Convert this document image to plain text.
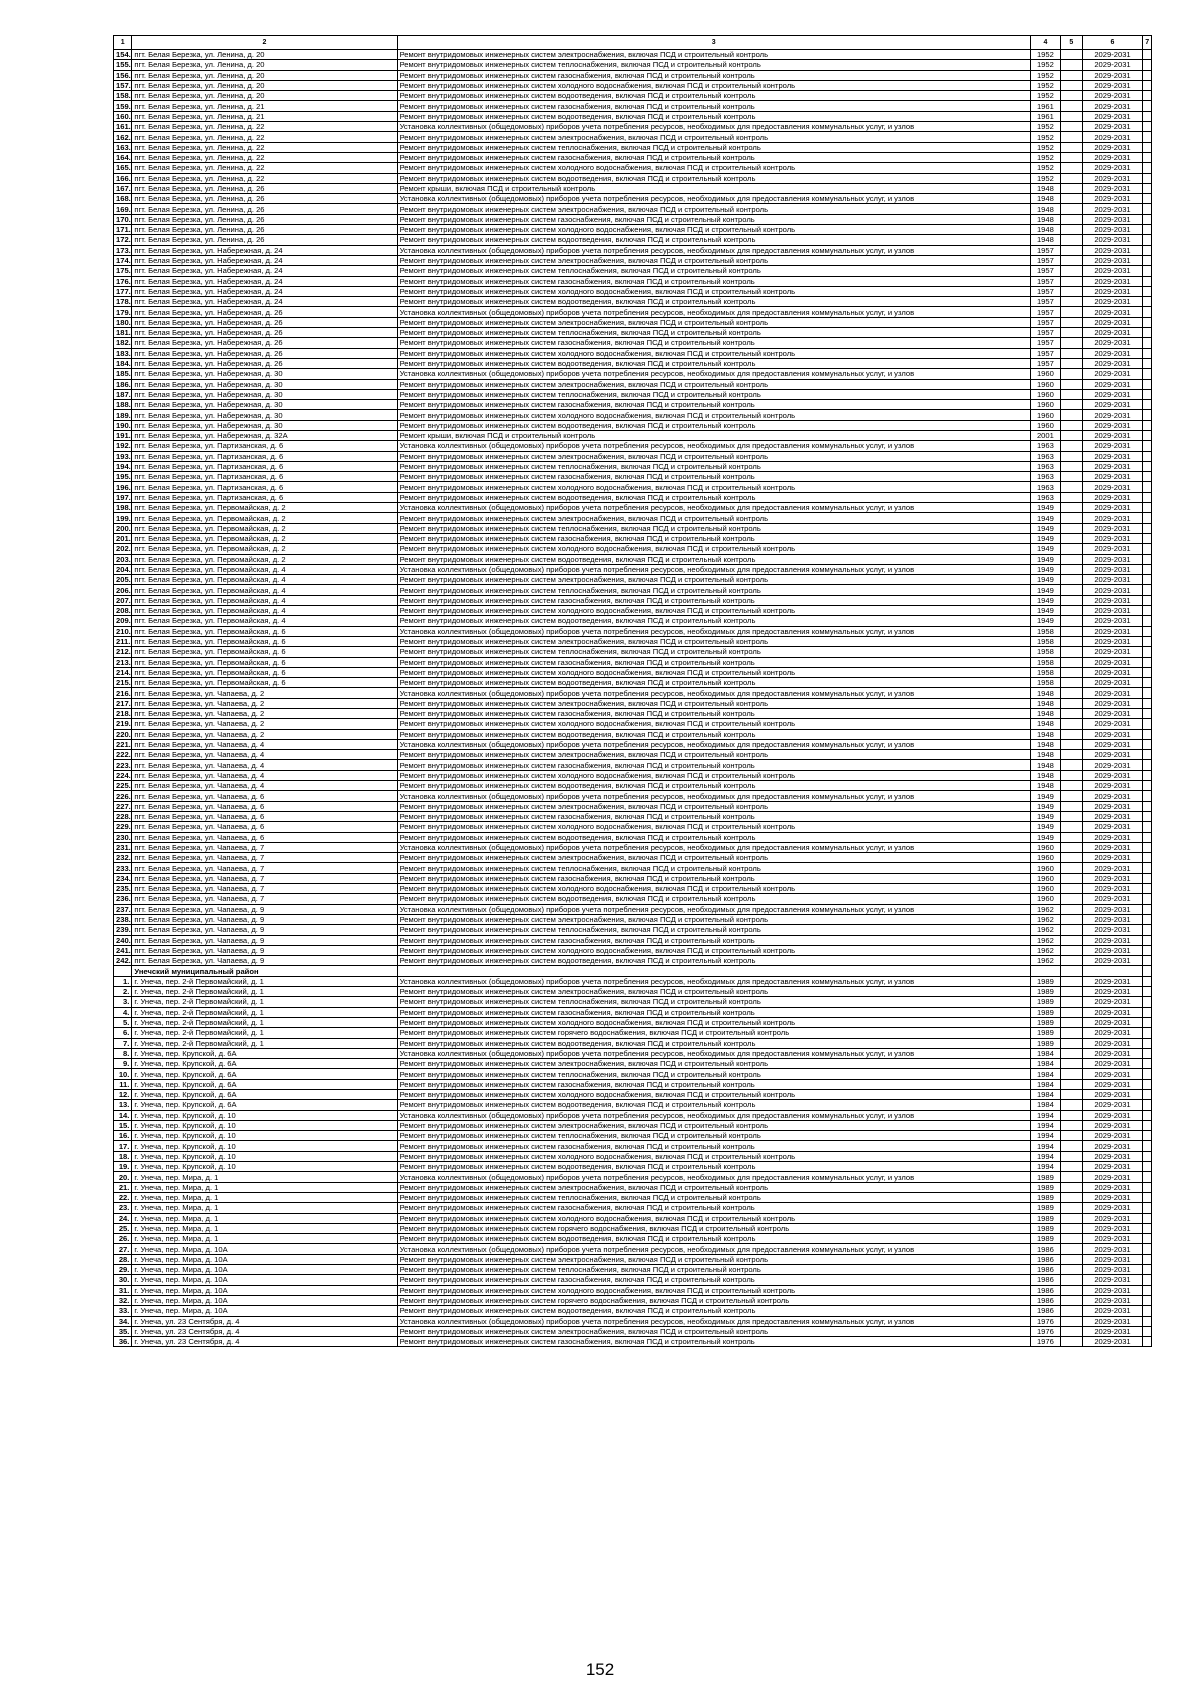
1	2	3	4	5	6	7
154.	пгт. Белая Березка, ул. Ленина, д. 20	Ремонт внутридомовых инженерных систем электроснабжения, включая ПСД и строительный контроль	1952		2029-2031	
155.	пгт. Белая Березка, ул. Ленина, д. 20	Ремонт внутридомовых инженерных систем теплоснабжения, включая ПСД и строительный контроль	1952		2029-2031	
156.	пгт. Белая Березка, ул. Ленина, д. 20	Ремонт внутридомовых инженерных систем газоснабжения, включая ПСД и строительный контроль	1952		2029-2031	
157.	пгт. Белая Березка, ул. Ленина, д. 20	Ремонт внутридомовых инженерных систем холодного водоснабжения, включая ПСД и строительный контроль	1952		2029-2031	
158.	пгт. Белая Березка, ул. Ленина, д. 20	Ремонт внутридомовых инженерных систем водоотведения, включая ПСД и строительный контроль	1952		2029-2031	
159.	пгт. Белая Березка, ул. Ленина, д. 21	Ремонт внутридомовых инженерных систем газоснабжения, включая ПСД и строительный контроль	1961		2029-2031	
160.	пгт. Белая Березка, ул. Ленина, д. 21	Ремонт внутридомовых инженерных систем водоотведения, включая ПСД и строительный контроль	1961		2029-2031	
161.	пгт. Белая Березка, ул. Ленина, д. 22	Установка коллективных (общедомовых) приборов учета потребления ресурсов, необходимых для предоставления коммунальных услуг, и узлов	1952		2029-2031	
162.	пгт. Белая Березка, ул. Ленина, д. 22	Ремонт внутридомовых инженерных систем электроснабжения, включая ПСД и строительный контроль	1952		2029-2031	
163.	пгт. Белая Березка, ул. Ленина, д. 22	Ремонт внутридомовых инженерных систем теплоснабжения, включая ПСД и строительный контроль	1952		2029-2031	
164.	пгт. Белая Березка, ул. Ленина, д. 22	Ремонт внутридомовых инженерных систем газоснабжения, включая ПСД и строительный контроль	1952		2029-2031	
165.	пгт. Белая Березка, ул. Ленина, д. 22	Ремонт внутридомовых инженерных систем холодного водоснабжения, включая ПСД и строительный контроль	1952		2029-2031	
166.	пгт. Белая Березка, ул. Ленина, д. 22	Ремонт внутридомовых инженерных систем водоотведения, включая ПСД и строительный контроль	1952		2029-2031	
167.	пгт. Белая Березка, ул. Ленина, д. 26	Ремонт крыши, включая ПСД и строительный контроль	1948		2029-2031	
168.	пгт. Белая Березка, ул. Ленина, д. 26	Установка коллективных (общедомовых) приборов учета потребления ресурсов, необходимых для предоставления коммунальных услуг, и узлов	1948		2029-2031	
169.	пгт. Белая Березка, ул. Ленина, д. 26	Ремонт внутридомовых инженерных систем электроснабжения, включая ПСД и строительный контроль	1948		2029-2031	
170.	пгт. Белая Березка, ул. Ленина, д. 26	Ремонт внутридомовых инженерных систем газоснабжения, включая ПСД и строительный контроль	1948		2029-2031	
171.	пгт. Белая Березка, ул. Ленина, д. 26	Ремонт внутридомовых инженерных систем холодного водоснабжения, включая ПСД и строительный контроль	1948		2029-2031	
172.	пгт. Белая Березка, ул. Ленина, д. 26	Ремонт внутридомовых инженерных систем водоотведения, включая ПСД и строительный контроль	1948		2029-2031	
173.	пгт. Белая Березка, ул. Набережная, д. 24	Установка коллективных (общедомовых) приборов учета потребления ресурсов, необходимых для предоставления коммунальных услуг, и узлов	1957		2029-2031	
174.	пгт. Белая Березка, ул. Набережная, д. 24	Ремонт внутридомовых инженерных систем электроснабжения, включая ПСД и строительный контроль	1957		2029-2031	
175.	пгт. Белая Березка, ул. Набережная, д. 24	Ремонт внутридомовых инженерных систем теплоснабжения, включая ПСД и строительный контроль	1957		2029-2031	
176.	пгт. Белая Березка, ул. Набережная, д. 24	Ремонт внутридомовых инженерных систем газоснабжения, включая ПСД и строительный контроль	1957		2029-2031	
177.	пгт. Белая Березка, ул. Набережная, д. 24	Ремонт внутридомовых инженерных систем холодного водоснабжения, включая ПСД и строительный контроль	1957		2029-2031	
178.	пгт. Белая Березка, ул. Набережная, д. 24	Ремонт внутридомовых инженерных систем водоотведения, включая ПСД и строительный контроль	1957		2029-2031	
179.	пгт. Белая Березка, ул. Набережная, д. 26	Установка коллективных (общедомовых) приборов учета потребления ресурсов, необходимых для предоставления коммунальных услуг, и узлов	1957		2029-2031	
180.	пгт. Белая Березка, ул. Набережная, д. 26	Ремонт внутридомовых инженерных систем электроснабжения, включая ПСД и строительный контроль	1957		2029-2031	
181.	пгт. Белая Березка, ул. Набережная, д. 26	Ремонт внутридомовых инженерных систем теплоснабжения, включая ПСД и строительный контроль	1957		2029-2031	
182.	пгт. Белая Березка, ул. Набережная, д. 26	Ремонт внутридомовых инженерных систем газоснабжения, включая ПСД и строительный контроль	1957		2029-2031	
183.	пгт. Белая Березка, ул. Набережная, д. 26	Ремонт внутридомовых инженерных систем холодного водоснабжения, включая ПСД и строительный контроль	1957		2029-2031	
184.	пгт. Белая Березка, ул. Набережная, д. 26	Ремонт внутридомовых инженерных систем водоотведения, включая ПСД и строительный контроль	1957		2029-2031	
185.	пгт. Белая Березка, ул. Набережная, д. 30	Установка коллективных (общедомовых) приборов учета потребления ресурсов, необходимых для предоставления коммунальных услуг, и узлов	1960		2029-2031	
186.	пгт. Белая Березка, ул. Набережная, д. 30	Ремонт внутридомовых инженерных систем электроснабжения, включая ПСД и строительный контроль	1960		2029-2031	
187.	пгт. Белая Березка, ул. Набережная, д. 30	Ремонт внутридомовых инженерных систем теплоснабжения, включая ПСД и строительный контроль	1960		2029-2031	
188.	пгт. Белая Березка, ул. Набережная, д. 30	Ремонт внутридомовых инженерных систем газоснабжения, включая ПСД и строительный контроль	1960		2029-2031	
189.	пгт. Белая Березка, ул. Набережная, д. 30	Ремонт внутридомовых инженерных систем холодного водоснабжения, включая ПСД и строительный контроль	1960		2029-2031	
190.	пгт. Белая Березка, ул. Набережная, д. 30	Ремонт внутридомовых инженерных систем водоотведения, включая ПСД и строительный контроль	1960		2029-2031	
191.	пгт. Белая Березка, ул. Набережная, д. 32А	Ремонт крыши, включая ПСД и строительный контроль	2001		2029-2031	
192.	пгт. Белая Березка, ул. Партизанская, д. 6	Установка коллективных (общедомовых) приборов учета потребления ресурсов, необходимых для предоставления коммунальных услуг, и узлов	1963		2029-2031	
193.	пгт. Белая Березка, ул. Партизанская, д. 6	Ремонт внутридомовых инженерных систем электроснабжения, включая ПСД и строительный контроль	1963		2029-2031	
194.	пгт. Белая Березка, ул. Партизанская, д. 6	Ремонт внутридомовых инженерных систем теплоснабжения, включая ПСД и строительный контроль	1963		2029-2031	
195.	пгт. Белая Березка, ул. Партизанская, д. 6	Ремонт внутридомовых инженерных систем газоснабжения, включая ПСД и строительный контроль	1963		2029-2031	
196.	пгт. Белая Березка, ул. Партизанская, д. 6	Ремонт внутридомовых инженерных систем холодного водоснабжения, включая ПСД и строительный контроль	1963		2029-2031	
197.	пгт. Белая Березка, ул. Партизанская, д. 6	Ремонт внутридомовых инженерных систем водоотведения, включая ПСД и строительный контроль	1963		2029-2031	
198.	пгт. Белая Березка, ул. Первомайская, д. 2	Установка коллективных (общедомовых) приборов учета потребления ресурсов, необходимых для предоставления коммунальных услуг, и узлов	1949		2029-2031	
199.	пгт. Белая Березка, ул. Первомайская, д. 2	Ремонт внутридомовых инженерных систем электроснабжения, включая ПСД и строительный контроль	1949		2029-2031	
200.	пгт. Белая Березка, ул. Первомайская, д. 2	Ремонт внутридомовых инженерных систем теплоснабжения, включая ПСД и строительный контроль	1949		2029-2031	
201.	пгт. Белая Березка, ул. Первомайская, д. 2	Ремонт внутридомовых инженерных систем газоснабжения, включая ПСД и строительный контроль	1949		2029-2031	
202.	пгт. Белая Березка, ул. Первомайская, д. 2	Ремонт внутридомовых инженерных систем холодного водоснабжения, включая ПСД и строительный контроль	1949		2029-2031	
203.	пгт. Белая Березка, ул. Первомайская, д. 2	Ремонт внутридомовых инженерных систем водоотведения, включая ПСД и строительный контроль	1949		2029-2031	
204.	пгт. Белая Березка, ул. Первомайская, д. 4	Установка коллективных (общедомовых) приборов учета потребления ресурсов, необходимых для предоставления коммунальных услуг, и узлов	1949		2029-2031	
205.	пгт. Белая Березка, ул. Первомайская, д. 4	Ремонт внутридомовых инженерных систем электроснабжения, включая ПСД и строительный контроль	1949		2029-2031	
206.	пгт. Белая Березка, ул. Первомайская, д. 4	Ремонт внутридомовых инженерных систем теплоснабжения, включая ПСД и строительный контроль	1949		2029-2031	
207.	пгт. Белая Березка, ул. Первомайская, д. 4	Ремонт внутридомовых инженерных систем газоснабжения, включая ПСД и строительный контроль	1949		2029-2031	
208.	пгт. Белая Березка, ул. Первомайская, д. 4	Ремонт внутридомовых инженерных систем холодного водоснабжения, включая ПСД и строительный контроль	1949		2029-2031	
209.	пгт. Белая Березка, ул. Первомайская, д. 4	Ремонт внутридомовых инженерных систем водоотведения, включая ПСД и строительный контроль	1949		2029-2031	
210.	пгт. Белая Березка, ул. Первомайская, д. 6	Установка коллективных (общедомовых) приборов учета потребления ресурсов, необходимых для предоставления коммунальных услуг, и узлов	1958		2029-2031	
211.	пгт. Белая Березка, ул. Первомайская, д. 6	Ремонт внутридомовых инженерных систем электроснабжения, включая ПСД и строительный контроль	1958		2029-2031	
212.	пгт. Белая Березка, ул. Первомайская, д. 6	Ремонт внутридомовых инженерных систем теплоснабжения, включая ПСД и строительный контроль	1958		2029-2031	
213.	пгт. Белая Березка, ул. Первомайская, д. 6	Ремонт внутридомовых инженерных систем газоснабжения, включая ПСД и строительный контроль	1958		2029-2031	
214.	пгт. Белая Березка, ул. Первомайская, д. 6	Ремонт внутридомовых инженерных систем холодного водоснабжения, включая ПСД и строительный контроль	1958		2029-2031	
215.	пгт. Белая Березка, ул. Первомайская, д. 6	Ремонт внутридомовых инженерных систем водоотведения, включая ПСД и строительный контроль	1958		2029-2031	
216.	пгт. Белая Березка, ул. Чапаева, д. 2	Установка коллективных (общедомовых) приборов учета потребления ресурсов, необходимых для предоставления коммунальных услуг, и узлов	1948		2029-2031	
217.	пгт. Белая Березка, ул. Чапаева, д. 2	Ремонт внутридомовых инженерных систем электроснабжения, включая ПСД и строительный контроль	1948		2029-2031	
218.	пгт. Белая Березка, ул. Чапаева, д. 2	Ремонт внутридомовых инженерных систем газоснабжения, включая ПСД и строительный контроль	1948		2029-2031	
219.	пгт. Белая Березка, ул. Чапаева, д. 2	Ремонт внутридомовых инженерных систем холодного водоснабжения, включая ПСД и строительный контроль	1948		2029-2031	
220.	пгт. Белая Березка, ул. Чапаева, д. 2	Ремонт внутридомовых инженерных систем водоотведения, включая ПСД и строительный контроль	1948		2029-2031	
221.	пгт. Белая Березка, ул. Чапаева, д. 4	Установка коллективных (общедомовых) приборов учета потребления ресурсов, необходимых для предоставления коммунальных услуг, и узлов	1948		2029-2031	
222.	пгт. Белая Березка, ул. Чапаева, д. 4	Ремонт внутридомовых инженерных систем электроснабжения, включая ПСД и строительный контроль	1948		2029-2031	
223.	пгт. Белая Березка, ул. Чапаева, д. 4	Ремонт внутридомовых инженерных систем газоснабжения, включая ПСД и строительный контроль	1948		2029-2031	
224.	пгт. Белая Березка, ул. Чапаева, д. 4	Ремонт внутридомовых инженерных систем холодного водоснабжения, включая ПСД и строительный контроль	1948		2029-2031	
225.	пгт. Белая Березка, ул. Чапаева, д. 4	Ремонт внутридомовых инженерных систем водоотведения, включая ПСД и строительный контроль	1948		2029-2031	
226.	пгт. Белая Березка, ул. Чапаева, д. 6	Установка коллективных (общедомовых) приборов учета потребления ресурсов, необходимых для предоставления коммунальных услуг, и узлов	1949		2029-2031	
227.	пгт. Белая Березка, ул. Чапаева, д. 6	Ремонт внутридомовых инженерных систем электроснабжения, включая ПСД и строительный контроль	1949		2029-2031	
228.	пгт. Белая Березка, ул. Чапаева, д. 6	Ремонт внутридомовых инженерных систем газоснабжения, включая ПСД и строительный контроль	1949		2029-2031	
229.	пгт. Белая Березка, ул. Чапаева, д. 6	Ремонт внутридомовых инженерных систем холодного водоснабжения, включая ПСД и строительный контроль	1949		2029-2031	
230.	пгт. Белая Березка, ул. Чапаева, д. 6	Ремонт внутридомовых инженерных систем водоотведения, включая ПСД и строительный контроль	1949		2029-2031	
231.	пгт. Белая Березка, ул. Чапаева, д. 7	Установка коллективных (общедомовых) приборов учета потребления ресурсов, необходимых для предоставления коммунальных услуг, и узлов	1960		2029-2031	
232.	пгт. Белая Березка, ул. Чапаева, д. 7	Ремонт внутридомовых инженерных систем электроснабжения, включая ПСД и строительный контроль	1960		2029-2031	
233.	пгт. Белая Березка, ул. Чапаева, д. 7	Ремонт внутридомовых инженерных систем теплоснабжения, включая ПСД и строительный контроль	1960		2029-2031	
234.	пгт. Белая Березка, ул. Чапаева, д. 7	Ремонт внутридомовых инженерных систем газоснабжения, включая ПСД и строительный контроль	1960		2029-2031	
235.	пгт. Белая Березка, ул. Чапаева, д. 7	Ремонт внутридомовых инженерных систем холодного водоснабжения, включая ПСД и строительный контроль	1960		2029-2031	
236.	пгт. Белая Березка, ул. Чапаева, д. 7	Ремонт внутридомовых инженерных систем водоотведения, включая ПСД и строительный контроль	1960		2029-2031	
237.	пгт. Белая Березка, ул. Чапаева, д. 9	Установка коллективных (общедомовых) приборов учета потребления ресурсов, необходимых для предоставления коммунальных услуг, и узлов	1962		2029-2031	
238.	пгт. Белая Березка, ул. Чапаева, д. 9	Ремонт внутридомовых инженерных систем электроснабжения, включая ПСД и строительный контроль	1962		2029-2031	
239.	пгт. Белая Березка, ул. Чапаева, д. 9	Ремонт внутридомовых инженерных систем теплоснабжения, включая ПСД и строительный контроль	1962		2029-2031	
240.	пгт. Белая Березка, ул. Чапаева, д. 9	Ремонт внутридомовых инженерных систем газоснабжения, включая ПСД и строительный контроль	1962		2029-2031	
241.	пгт. Белая Березка, ул. Чапаева, д. 9	Ремонт внутридомовых инженерных систем холодного водоснабжения, включая ПСД и строительный контроль	1962		2029-2031	
242.	пгт. Белая Березка, ул. Чапаева, д. 9	Ремонт внутридомовых инженерных систем водоотведения, включая ПСД и строительный контроль	1962		2029-2031	
	Унечский муниципальный район					
1.	г. Унеча, пер. 2-й Первомайский, д. 1	Установка коллективных (общедомовых) приборов учета потребления ресурсов, необходимых для предоставления коммунальных услуг, и узлов	1989		2029-2031	
2.	г. Унеча, пер. 2-й Первомайский, д. 1	Ремонт внутридомовых инженерных систем электроснабжения, включая ПСД и строительный контроль	1989		2029-2031	
3.	г. Унеча, пер. 2-й Первомайский, д. 1	Ремонт внутридомовых инженерных систем теплоснабжения, включая ПСД и строительный контроль	1989		2029-2031	
4.	г. Унеча, пер. 2-й Первомайский, д. 1	Ремонт внутридомовых инженерных систем газоснабжения, включая ПСД и строительный контроль	1989		2029-2031	
5.	г. Унеча, пер. 2-й Первомайский, д. 1	Ремонт внутридомовых инженерных систем холодного водоснабжения, включая ПСД и строительный контроль	1989		2029-2031	
6.	г. Унеча, пер. 2-й Первомайский, д. 1	Ремонт внутридомовых инженерных систем горячего водоснабжения, включая ПСД и строительный контроль	1989		2029-2031	
7.	г. Унеча, пер. 2-й Первомайский, д. 1	Ремонт внутридомовых инженерных систем водоотведения, включая ПСД и строительный контроль	1989		2029-2031	
8.	г. Унеча, пер. Крупской, д. 6А	Установка коллективных (общедомовых) приборов учета потребления ресурсов, необходимых для предоставления коммунальных услуг, и узлов	1984		2029-2031	
9.	г. Унеча, пер. Крупской, д. 6А	Ремонт внутридомовых инженерных систем электроснабжения, включая ПСД и строительный контроль	1984		2029-2031	
10.	г. Унеча, пер. Крупской, д. 6А	Ремонт внутридомовых инженерных систем теплоснабжения, включая ПСД и строительный контроль	1984		2029-2031	
11.	г. Унеча, пер. Крупской, д. 6А	Ремонт внутридомовых инженерных систем газоснабжения, включая ПСД и строительный контроль	1984		2029-2031	
12.	г. Унеча, пер. Крупской, д. 6А	Ремонт внутридомовых инженерных систем холодного водоснабжения, включая ПСД и строительный контроль	1984		2029-2031	
13.	г. Унеча, пер. Крупской, д. 6А	Ремонт внутридомовых инженерных систем водоотведения, включая ПСД и строительный контроль	1984		2029-2031	
14.	г. Унеча, пер. Крупской, д. 10	Установка коллективных (общедомовых) приборов учета потребления ресурсов, необходимых для предоставления коммунальных услуг, и узлов	1994		2029-2031	
15.	г. Унеча, пер. Крупской, д. 10	Ремонт внутридомовых инженерных систем электроснабжения, включая ПСД и строительный контроль	1994		2029-2031	
16.	г. Унеча, пер. Крупской, д. 10	Ремонт внутридомовых инженерных систем теплоснабжения, включая ПСД и строительный контроль	1994		2029-2031	
17.	г. Унеча, пер. Крупской, д. 10	Ремонт внутридомовых инженерных систем газоснабжения, включая ПСД и строительный контроль	1994		2029-2031	
18.	г. Унеча, пер. Крупской, д. 10	Ремонт внутридомовых инженерных систем холодного водоснабжения, включая ПСД и строительный контроль	1994		2029-2031	
19.	г. Унеча, пер. Крупской, д. 10	Ремонт внутридомовых инженерных систем водоотведения, включая ПСД и строительный контроль	1994		2029-2031	
20.	г. Унеча, пер. Мира, д. 1	Установка коллективных (общедомовых) приборов учета потребления ресурсов, необходимых для предоставления коммунальных услуг, и узлов	1989		2029-2031	
21.	г. Унеча, пер. Мира, д. 1	Ремонт внутридомовых инженерных систем электроснабжения, включая ПСД и строительный контроль	1989		2029-2031	
22.	г. Унеча, пер. Мира, д. 1	Ремонт внутридомовых инженерных систем теплоснабжения, включая ПСД и строительный контроль	1989		2029-2031	
23.	г. Унеча, пер. Мира, д. 1	Ремонт внутридомовых инженерных систем газоснабжения, включая ПСД и строительный контроль	1989		2029-2031	
24.	г. Унеча, пер. Мира, д. 1	Ремонт внутридомовых инженерных систем холодного водоснабжения, включая ПСД и строительный контроль	1989		2029-2031	
25.	г. Унеча, пер. Мира, д. 1	Ремонт внутридомовых инженерных систем горячего водоснабжения, включая ПСД и строительный контроль	1989		2029-2031	
26.	г. Унеча, пер. Мира, д. 1	Ремонт внутридомовых инженерных систем водоотведения, включая ПСД и строительный контроль	1989		2029-2031	
27.	г. Унеча, пер. Мира, д. 10А	Установка коллективных (общедомовых) приборов учета потребления ресурсов, необходимых для предоставления коммунальных услуг, и узлов	1986		2029-2031	
28.	г. Унеча, пер. Мира, д. 10А	Ремонт внутридомовых инженерных систем электроснабжения, включая ПСД и строительный контроль	1986		2029-2031	
29.	г. Унеча, пер. Мира, д. 10А	Ремонт внутридомовых инженерных систем теплоснабжения, включая ПСД и строительный контроль	1986		2029-2031	
30.	г. Унеча, пер. Мира, д. 10А	Ремонт внутридомовых инженерных систем газоснабжения, включая ПСД и строительный контроль	1986		2029-2031	
31.	г. Унеча, пер. Мира, д. 10А	Ремонт внутридомовых инженерных систем холодного водоснабжения, включая ПСД и строительный контроль	1986		2029-2031	
32.	г. Унеча, пер. Мира, д. 10А	Ремонт внутридомовых инженерных систем горячего водоснабжения, включая ПСД и строительный контроль	1986		2029-2031	
33.	г. Унеча, пер. Мира, д. 10А	Ремонт внутридомовых инженерных систем водоотведения, включая ПСД и строительный контроль	1986		2029-2031	
34.	г. Унеча, ул. 23 Сентября, д. 4	Установка коллективных (общедомовых) приборов учета потребления ресурсов, необходимых для предоставления коммунальных услуг, и узлов	1976		2029-2031	
35.	г. Унеча, ул. 23 Сентября, д. 4	Ремонт внутридомовых инженерных систем электроснабжения, включая ПСД и строительный контроль	1976		2029-2031	
36.	г. Унеча, ул. 23 Сентября, д. 4	Ремонт внутридомовых инженерных систем газоснабжения, включая ПСД и строительный контроль	1976		2029-2031	
152
